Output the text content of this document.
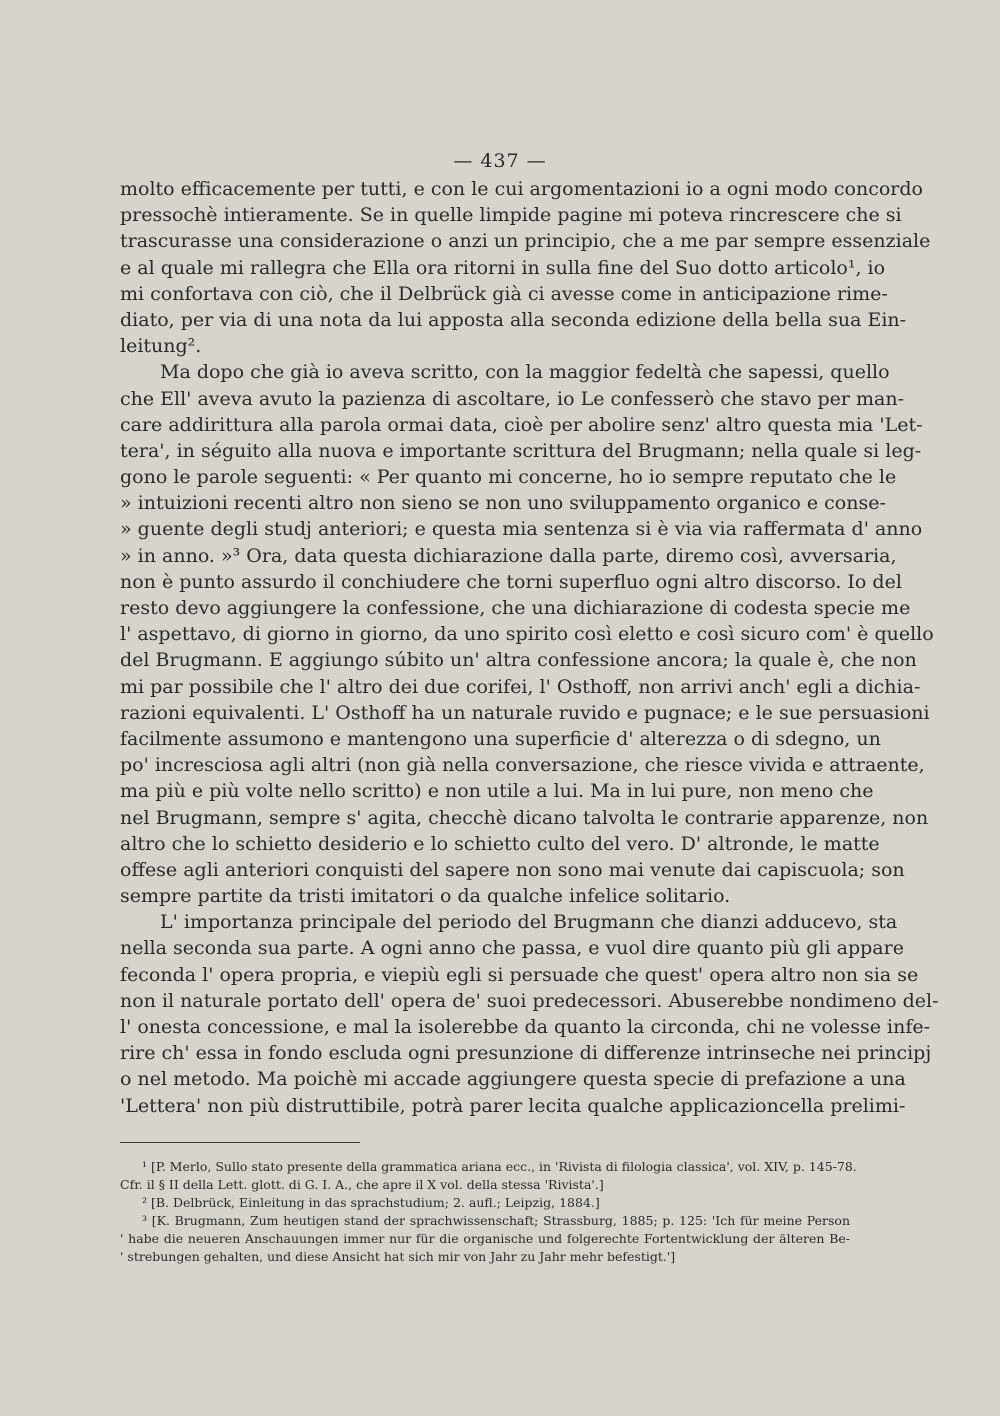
— 437 —
molto efficacemente per tutti, e con le cui argomentazioni io a ogni modo concordo
pressochè intieramente. Se in quelle limpide pagine mi poteva rincrescere che si
trascurasse una considerazione o anzi un principio, che a me par sempre essenziale
e al quale mi rallegra che Ella ora ritorni in sulla fine del Suo dotto articolo¹, io
mi confortava con ciò, che il Delbrück già ci avesse come in anticipazione rime-
diato, per via di una nota da lui apposta alla seconda edizione della bella sua Ein-
leitung².
Ma dopo che già io aveva scritto, con la maggior fedeltà che sapessi, quello
che Ell' aveva avuto la pazienza di ascoltare, io Le confesserò che stavo per man-
care addirittura alla parola ormai data, cioè per abolire senz' altro questa mia 'Let-
tera', in séguito alla nuova e importante scrittura del Brugmann; nella quale si leg-
gono le parole seguenti: « Per quanto mi concerne, ho io sempre reputato che le
» intuizioni recenti altro non sieno se non uno sviluppamento organico e conse-
» guente degli studj anteriori; e questa mia sentenza si è via via raffermata d' anno
» in anno. »³ Ora, data questa dichiarazione dalla parte, diremo così, avversaria,
non è punto assurdo il conchiudere che torni superfluo ogni altro discorso. Io del
resto devo aggiungere la confessione, che una dichiarazione di codesta specie me
l' aspettavo, di giorno in giorno, da uno spirito così eletto e così sicuro com' è quello
del Brugmann. E aggiungo súbito un' altra confessione ancora; la quale è, che non
mi par possibile che l' altro dei due corifei, l' Osthoff, non arrivi anch' egli a dichia-
razioni equivalenti. L' Osthoff ha un naturale ruvido e pugnace; e le sue persuasioni
facilmente assumono e mantengono una superficie d' alterezza o di sdegno, un
po' incresciosa agli altri (non già nella conversazione, che riesce vivida e attraente,
ma più e più volte nello scritto) e non utile a lui. Ma in lui pure, non meno che
nel Brugmann, sempre s' agita, checchè dicano talvolta le contrarie apparenze, non
altro che lo schietto desiderio e lo schietto culto del vero. D' altronde, le matte
offese agli anteriori conquisti del sapere non sono mai venute dai capiscuola; son
sempre partite da tristi imitatori o da qualche infelice solitario.
L' importanza principale del periodo del Brugmann che dianzi adducevo, sta
nella seconda sua parte. A ogni anno che passa, e vuol dire quanto più gli appare
feconda l' opera propria, e viepiù egli si persuade che quest' opera altro non sia se
non il naturale portato dell' opera de' suoi predecessori. Abuserebbe nondimeno del-
l' onesta concessione, e mal la isolerebbe da quanto la circonda, chi ne volesse infe-
rire ch' essa in fondo escluda ogni presunzione di differenze intrinseche nei principj
o nel metodo. Ma poichè mi accade aggiungere questa specie di prefazione a una
'Lettera' non più distruttibile, potrà parer lecita qualche applicazioncella prelimi-
¹ [P. Merlo, Sullo stato presente della grammatica ariana ecc., in 'Rivista di filologia classica', vol. XIV, p. 145-78.
Cfr. il § II della Lett. glott. di G. I. A., che apre il X vol. della stessa 'Rivista'.]
² [B. Delbrück, Einleitung in das sprachstudium; 2. aufl.; Leipzig, 1884.]
³ [K. Brugmann, Zum heutigen stand der sprachwissenschaft; Strassburg, 1885; p. 125: 'Ich für meine Person
' habe die neueren Anschauungen immer nur für die organische und folgerechte Fortentwicklung der älteren Be-
' strebungen gehalten, und diese Ansicht hat sich mir von Jahr zu Jahr mehr befestigt.']
